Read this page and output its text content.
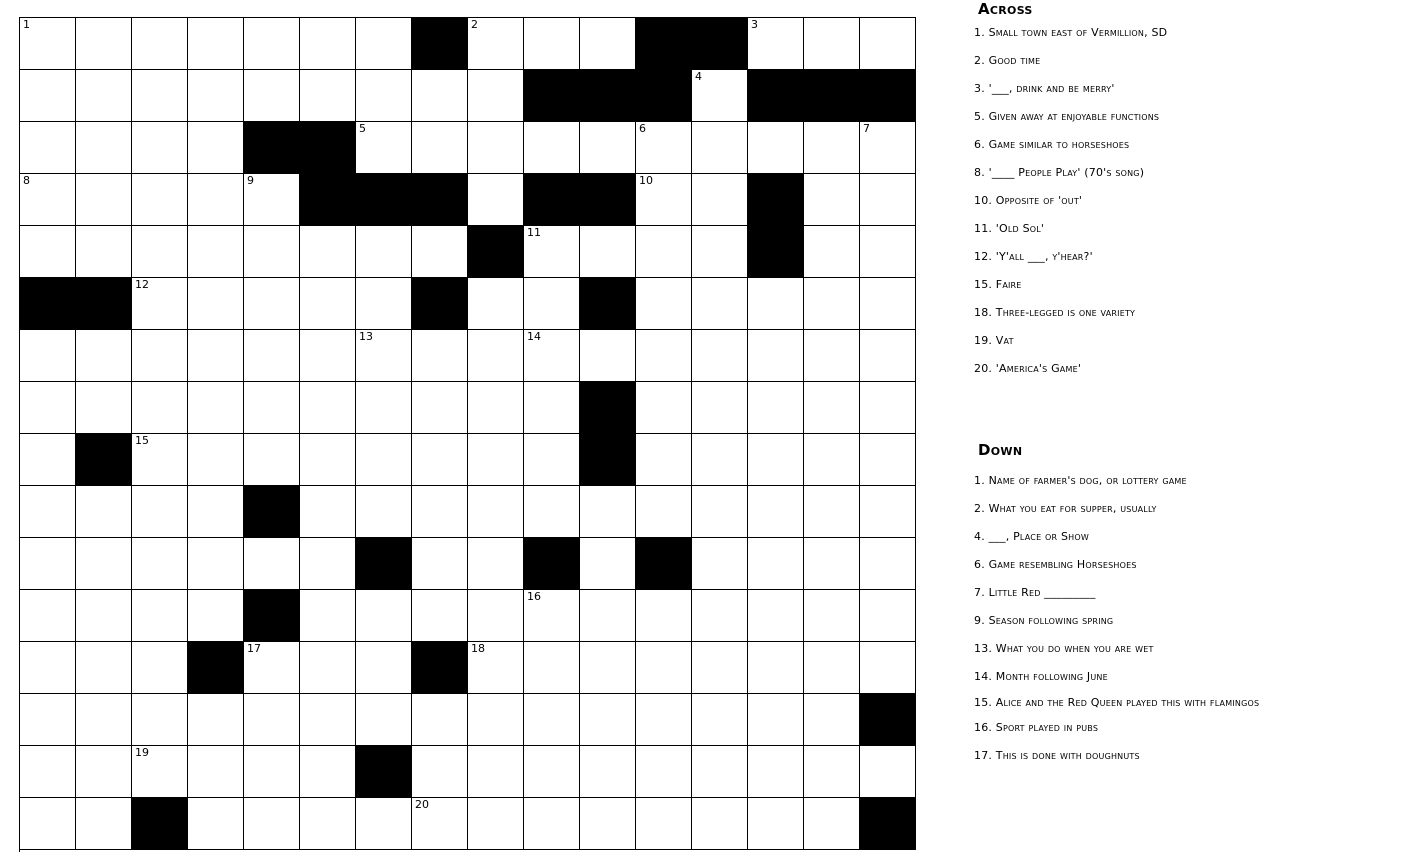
1	2	3
4
5	6	7
8	9	10
11
12
13	14
15
16
17	18
19
20
Across
1. Small town east of Vermillion, SD
2. Good time
3. '___, drink and be merry'
5. Given away at enjoyable functions
6. Game similar to horseshoes
8. '____ People Play' (70's song)
10. Opposite of 'out'
11. 'Old Sol'
12. 'Y'all ___, y'hear?'
15. Faire
18. Three-legged is one variety
19. Vat
20. 'America's Game'
Down
1. Name of farmer's dog, or lottery game
2. What you eat for supper, usually
4. ___, Place or Show
6. Game resembling Horseshoes
7. Little Red _________
9. Season following spring
13. What you do when you are wet
14. Month following June
15. Alice and the Red Queen played this with flamingos
16. Sport played in pubs
17. This is done with doughnuts
